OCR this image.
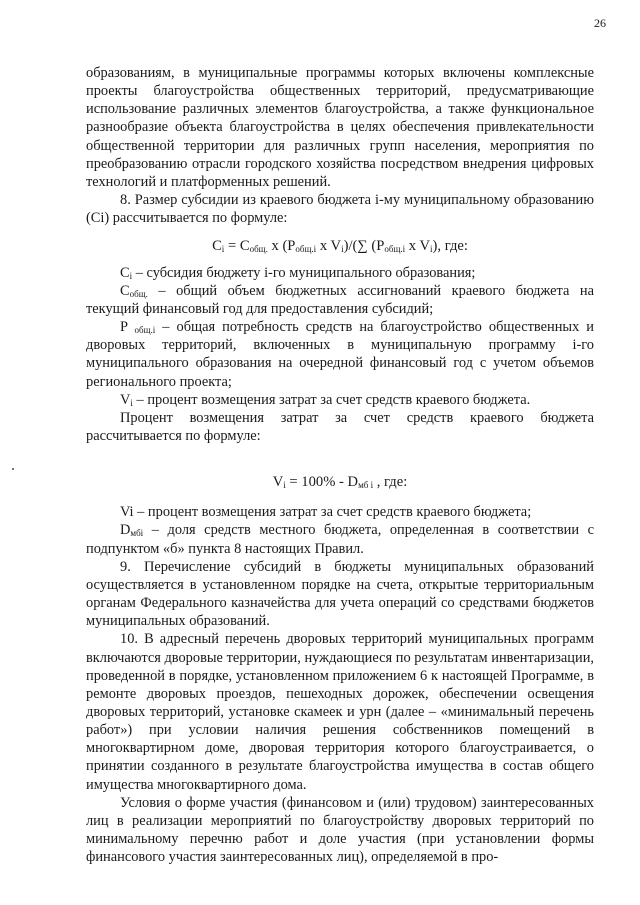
26

образованиям, в муниципальные программы которых включены комплексные проекты благоустройства общественных территорий, предусматривающие использование различных элементов благоустройства, а также функциональное разнообразие объекта благоустройства в целях обеспечения привлекательности общественной территории для различных групп населения, мероприятия по преобразованию отрасли городского хозяйства посредством внедрения цифровых технологий и платформенных решений.

8. Размер субсидии из краевого бюджета i-му муниципальному образованию (Ci) рассчитывается по формуле:

$C_i = C_{общ.}$ x ($P_{общ.i}$ x $V_i)/(\sum$ ($P_{общ.i}$ x $V_i$), где:

$C_i$ – субсидия бюджету i-го муниципального образования;

$C_{общ.}$ – общий объем бюджетных ассигнований краевого бюджета на текущий финансовый год для предоставления субсидий;

P $_{общ.i}$ – общая потребность средств на благоустройство общественных и дворовых территорий, включенных в муниципальную программу i-го муниципального образования на очередной финансовый год с учетом объемов регионального проекта;

$V_i$ – процент возмещения затрат за счет средств краевого бюджета.

Процент возмещения затрат за счет средств краевого бюджета рассчитывается по формуле:

$V_i = 100\% - D_{мб i}$ , где:

Vi – процент возмещения затрат за счет средств краевого бюджета;

$D_{мбi}$ – доля средств местного бюджета, определенная в соответствии с подпунктом «б» пункта 8 настоящих Правил.

9. Перечисление субсидий в бюджеты муниципальных образований осуществляется в установленном порядке на счета, открытые территориальным органам Федерального казначейства для учета операций со средствами бюджетов муниципальных образований.

10. В адресный перечень дворовых территорий муниципальных программ включаются дворовые территории, нуждающиеся по результатам инвентаризации, проведенной в порядке, установленном приложением 6 к настоящей Программе, в ремонте дворовых проездов, пешеходных дорожек, обеспечении освещения дворовых территорий, установке скамеек и урн (далее – «минимальный перечень работ») при условии наличия решения собственников помещений в многоквартирном доме, дворовая территория которого благоустраивается, о принятии созданного в результате благоустройства имущества в состав общего имущества многоквартирного дома.

Условия о форме участия (финансовом и (или) трудовом) заинтересованных лиц в реализации мероприятий по благоустройству дворовых территорий по минимальному перечню работ и доле участия (при установлении формы финансового участия заинтересованных лиц), определяемой в про-
